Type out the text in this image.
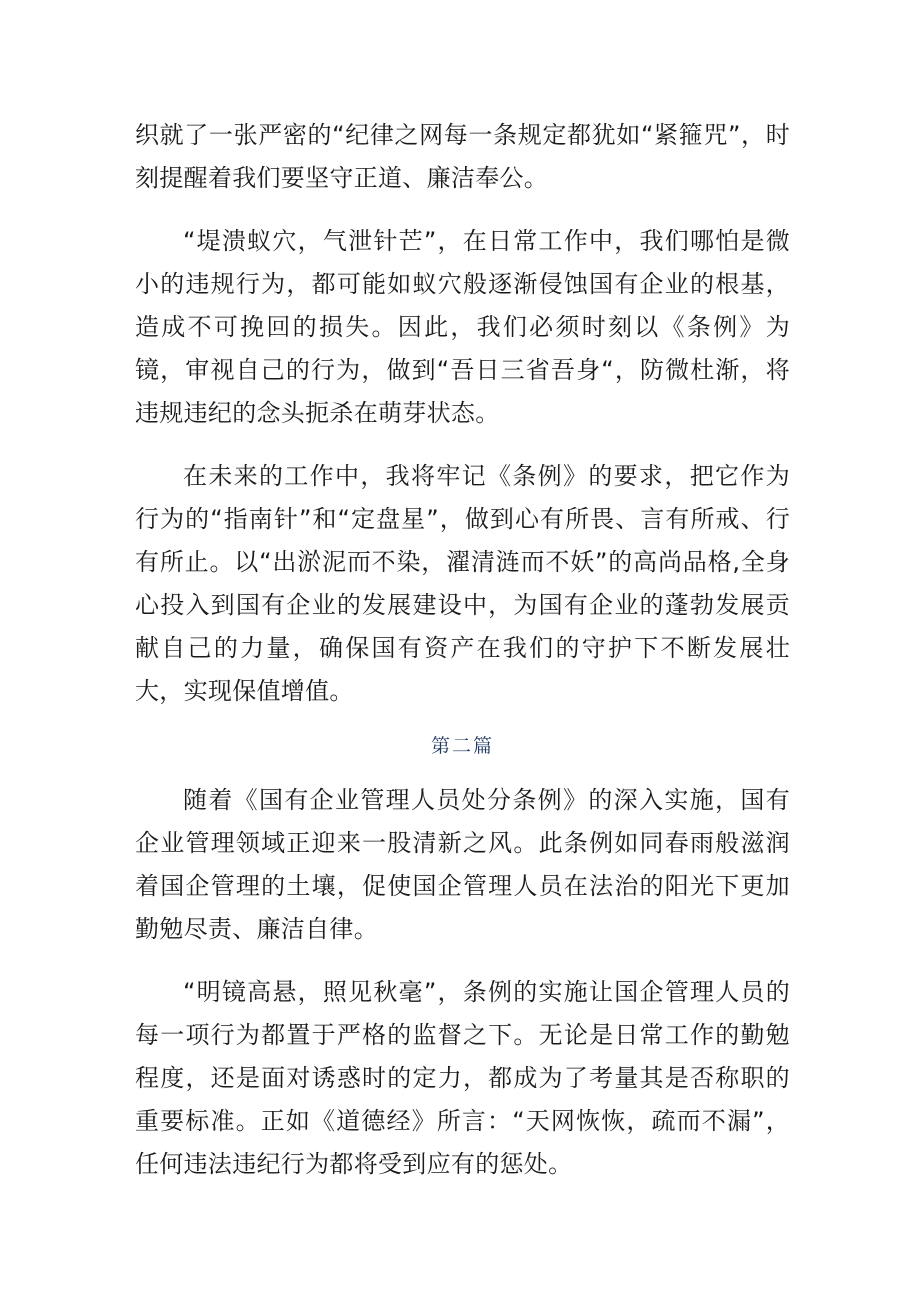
织就了一张严密的“纪律之网每一条规定都犹如“紧箍咒”，时刻提醒着我们要坚守正道、廉洁奉公。

“堤溃蚁穴，气泄针芒”，在日常工作中，我们哪怕是微小的违规行为，都可能如蚁穴般逐渐侵蚀国有企业的根基，造成不可挽回的损失。因此，我们必须时刻以《条例》为镜，审视自己的行为，做到“吾日三省吾身“，防微杜渐，将违规违纪的念头扼杀在萌芽状态。

在未来的工作中，我将牢记《条例》的要求，把它作为行为的“指南针”和“定盘星”，做到心有所畏、言有所戒、行有所止。以“出淤泥而不染，濯清涟而不妖”的高尚品格,全身心投入到国有企业的发展建设中，为国有企业的蓬勃发展贡献自己的力量，确保国有资产在我们的守护下不断发展壮大，实现保值增值。

第二篇

随着《国有企业管理人员处分条例》的深入实施，国有企业管理领域正迎来一股清新之风。此条例如同春雨般滋润着国企管理的土壤，促使国企管理人员在法治的阳光下更加勤勉尽责、廉洁自律。

“明镜高悬，照见秋毫”，条例的实施让国企管理人员的每一项行为都置于严格的监督之下。无论是日常工作的勤勉程度，还是面对诱惑时的定力，都成为了考量其是否称职的重要标准。正如《道德经》所言：“天网恢恢，疏而不漏”，任何违法违纪行为都将受到应有的惩处。
